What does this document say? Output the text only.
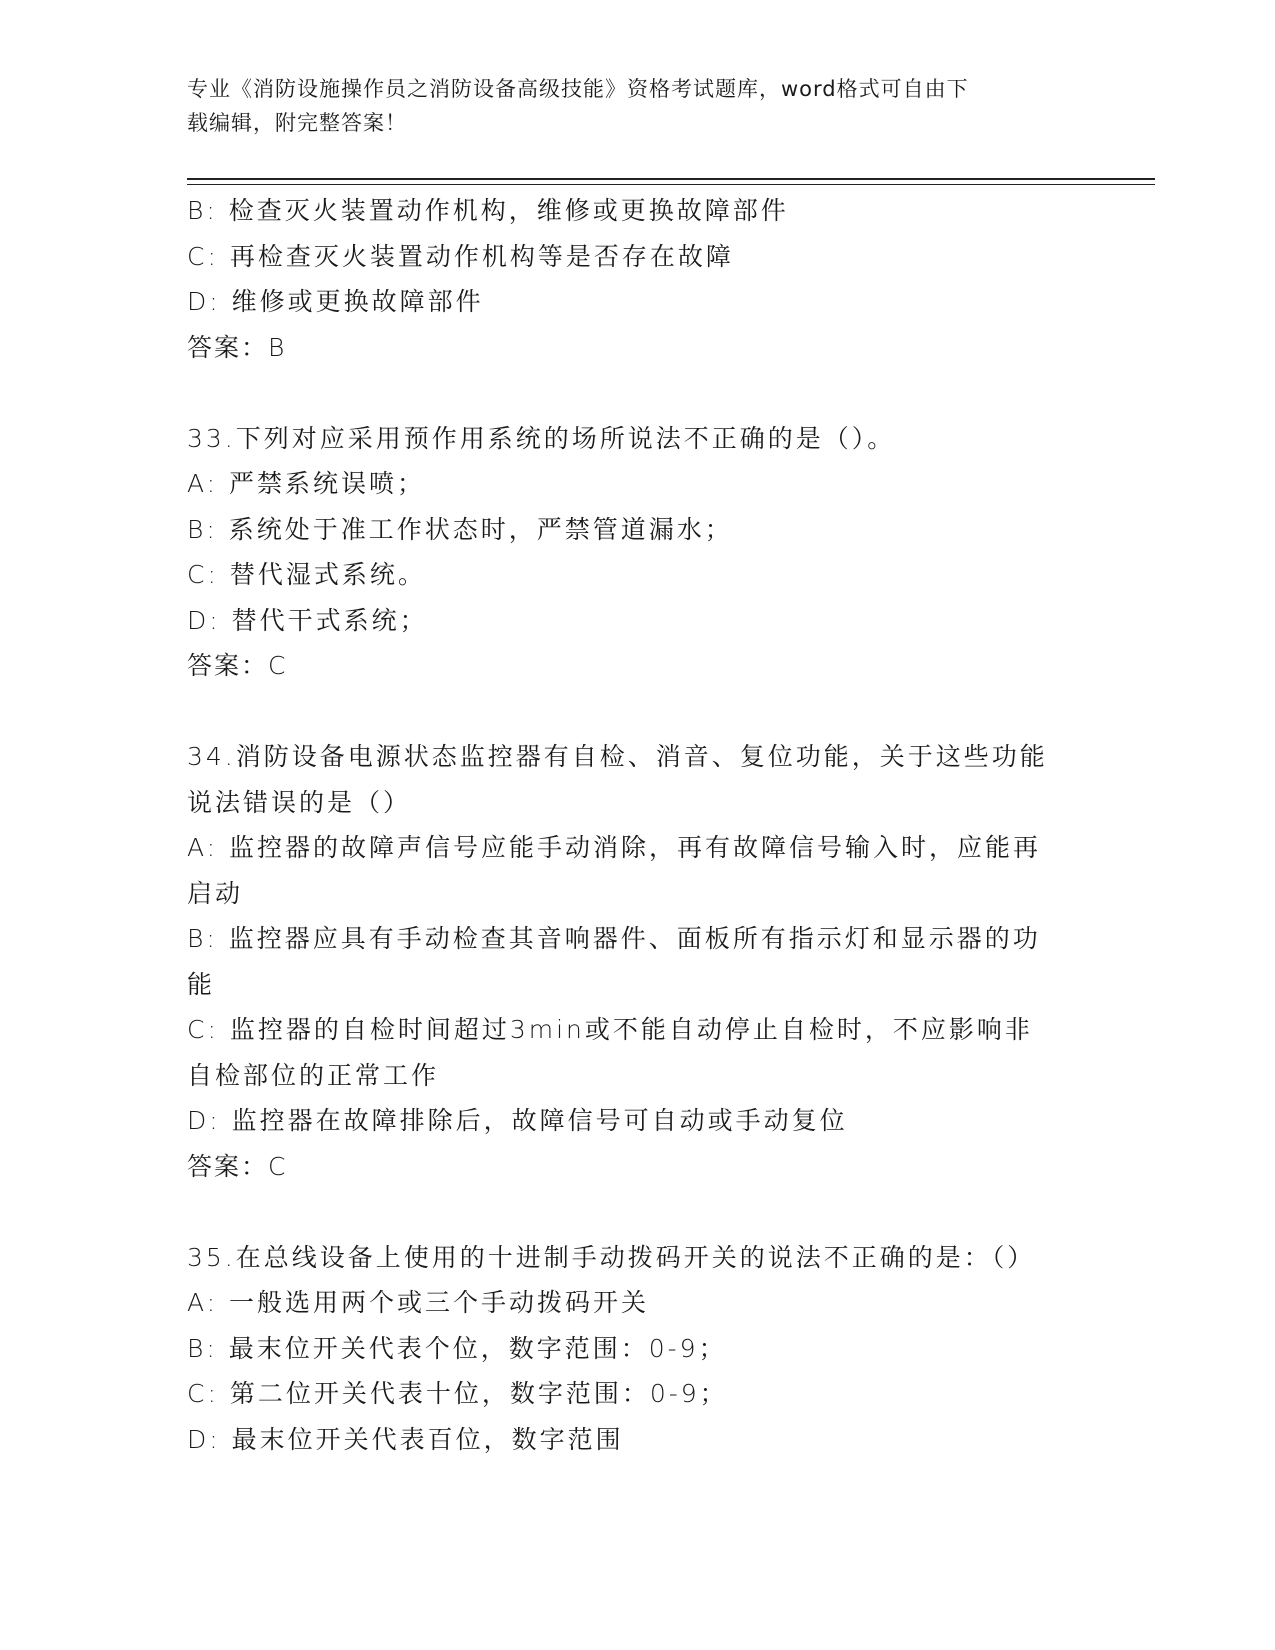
专业《消防设施操作员之消防设备高级技能》资格考试题库，word格式可自由下
载编辑，附完整答案！
B: 检查灭火装置动作机构，维修或更换故障部件
C: 再检查灭火装置动作机构等是否存在故障
D: 维修或更换故障部件
答案：B
33.下列对应采用预作用系统的场所说法不正确的是（）。
A: 严禁系统误喷；
B: 系统处于准工作状态时，严禁管道漏水；
C: 替代湿式系统。
D: 替代干式系统；
答案：C
34.消防设备电源状态监控器有自检、消音、复位功能，关于这些功能
说法错误的是（）
A: 监控器的故障声信号应能手动消除，再有故障信号输入时，应能再
启动
B: 监控器应具有手动检查其音响器件、面板所有指示灯和显示器的功
能
C: 监控器的自检时间超过3min或不能自动停止自检时，不应影响非
自检部位的正常工作
D: 监控器在故障排除后，故障信号可自动或手动复位
答案：C
35.在总线设备上使用的十进制手动拨码开关的说法不正确的是：（）
A: 一般选用两个或三个手动拨码开关
B: 最末位开关代表个位，数字范围：0-9；
C: 第二位开关代表十位，数字范围：0-9；
D: 最末位开关代表百位，数字范围
